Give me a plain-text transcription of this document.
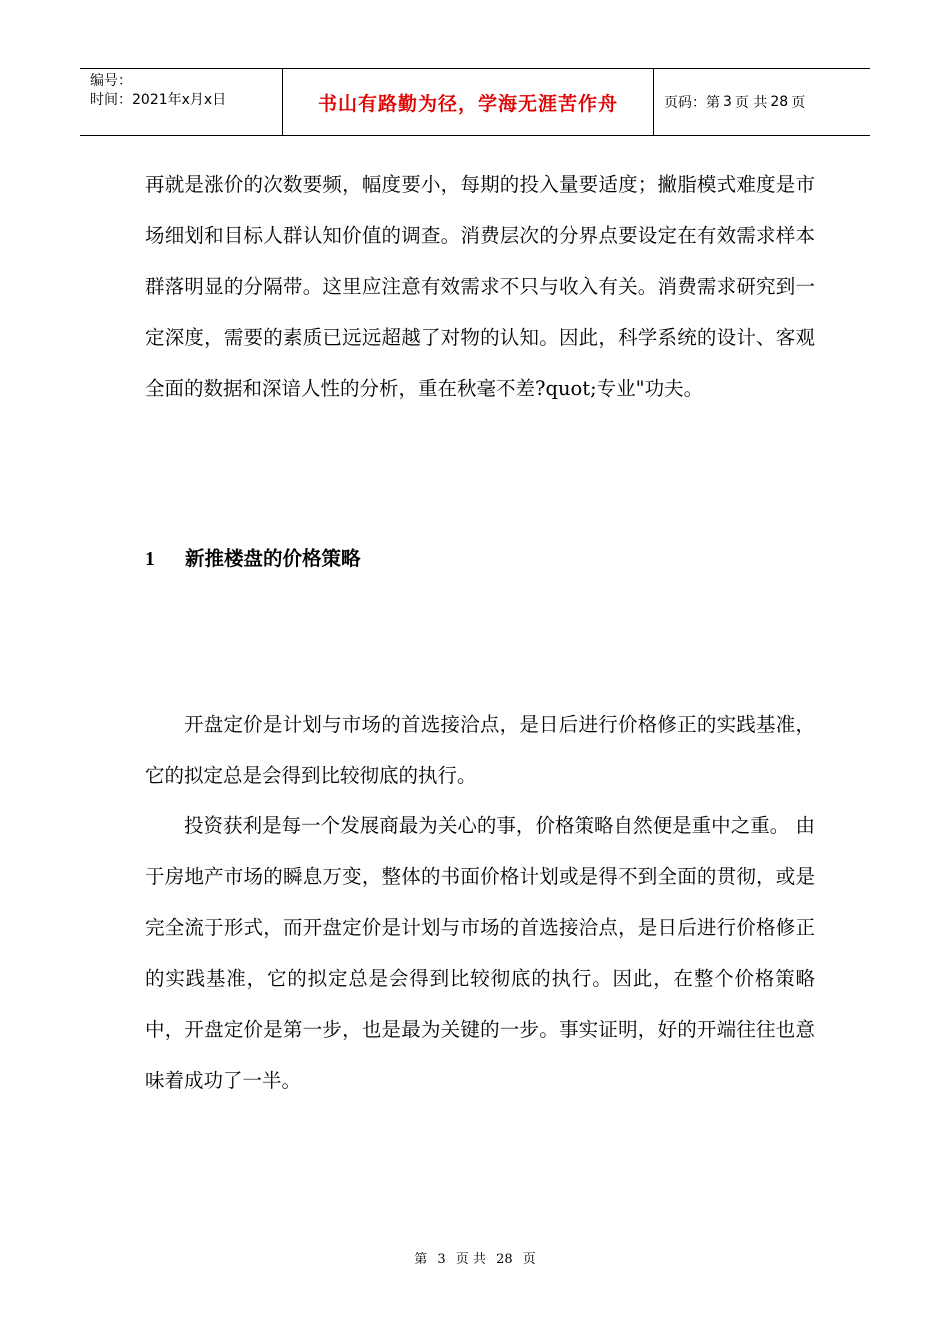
编号：
时间：2021年x月x日	书山有路勤为径，学海无涯苦作舟	页码：第 3 页 共 28 页

再就是涨价的次数要频，幅度要小，每期的投入量要适度；撇脂模式难度是市场细划和目标人群认知价值的调查。消费层次的分界点要设定在有效需求样本群落明显的分隔带。这里应注意有效需求不只与收入有关。消费需求研究到一定深度，需要的素质已远远超越了对物的认知。因此，科学系统的设计、客观全面的数据和深谙人性的分析，重在秋毫不差?quot;专业"功夫。

1 新推楼盘的价格策略

开盘定价是计划与市场的首选接洽点，是日后进行价格修正的实践基准，它的拟定总是会得到比较彻底的执行。

投资获利是每一个发展商最为关心的事，价格策略自然便是重中之重。 由于房地产市场的瞬息万变，整体的书面价格计划或是得不到全面的贯彻，或是完全流于形式，而开盘定价是计划与市场的首选接洽点，是日后进行价格修正的实践基准，它的拟定总是会得到比较彻底的执行。因此，在整个价格策略中，开盘定价是第一步，也是最为关键的一步。事实证明，好的开端往往也意味着成功了一半。

第 3 页 共 28 页
